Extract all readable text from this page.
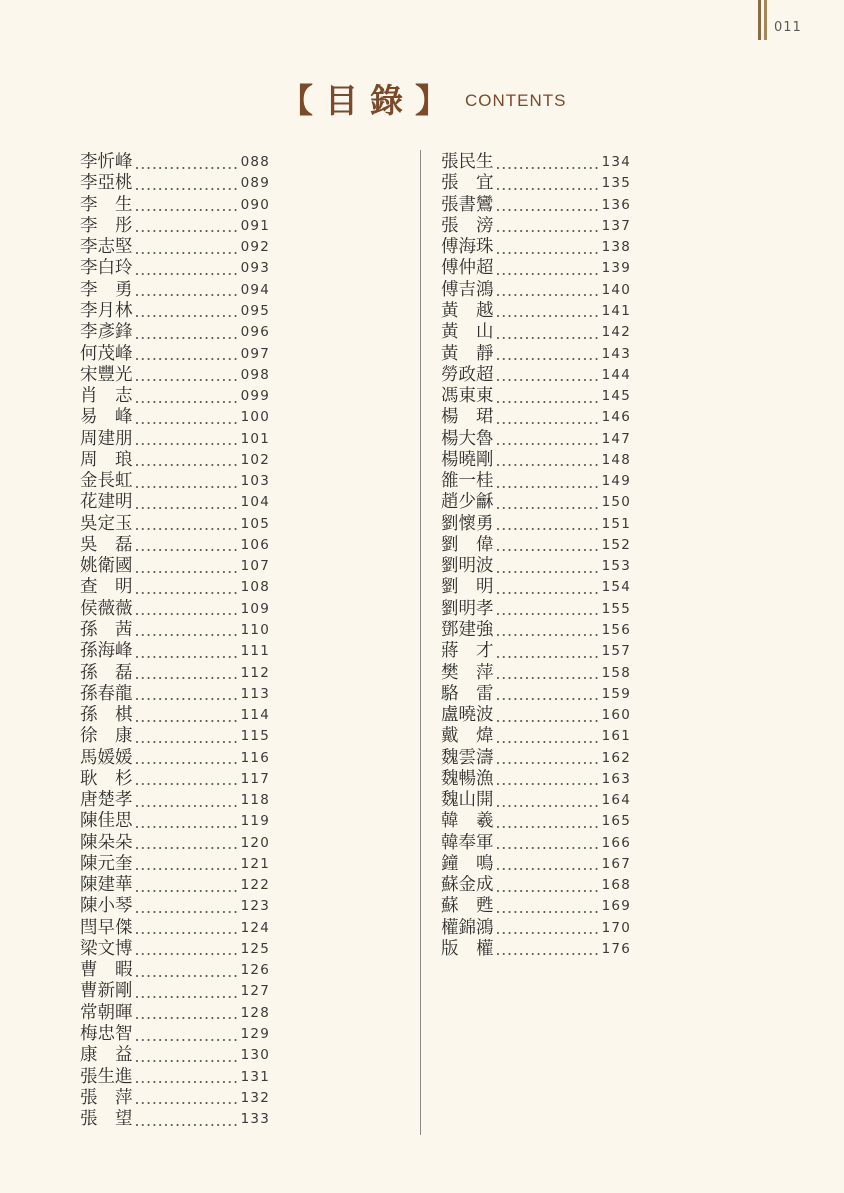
011
【目錄】 CONTENTS
李忻峰	088
李亞桃	089
李　生	090
李　彤	091
李志堅	092
李白玲	093
李　勇	094
李月林	095
李彥鋒	096
何茂峰	097
宋豐光	098
肖　志	099
易　峰	100
周建朋	101
周　琅	102
金長虹	103
花建明	104
吳定玉	105
吳　磊	106
姚衛國	107
查　明	108
侯薇薇	109
孫　茜	110
孫海峰	111
孫　磊	112
孫春龍	113
孫　棋	114
徐　康	115
馬媛媛	116
耿　杉	117
唐楚孝	118
陳佳思	119
陳朵朵	120
陳元奎	121
陳建華	122
陳小琴	123
閆早傑	124
梁文博	125
曹　暇	126
曹新剛	127
常朝暉	128
梅忠智	129
康　益	130
張生進	131
張　萍	132
張　望	133
張民生	134
張　宜	135
張書鸞	136
張　滂	137
傅海珠	138
傅仲超	139
傅吉鴻	140
黃　越	141
黃　山	142
黃　靜	143
勞政超	144
馮東東	145
楊　珺	146
楊大魯	147
楊曉剛	148
雒一桂	149
趙少龢	150
劉懷勇	151
劉　偉	152
劉明波	153
劉　明	154
劉明孝	155
鄧建強	156
蔣　才	157
樊　萍	158
駱　雷	159
盧曉波	160
戴　煒	161
魏雲濤	162
魏暢漁	163
魏山開	164
韓　羲	165
韓奉軍	166
鐘　鳴	167
蘇金成	168
蘇　甦	169
權錦鴻	170
版　權	176
